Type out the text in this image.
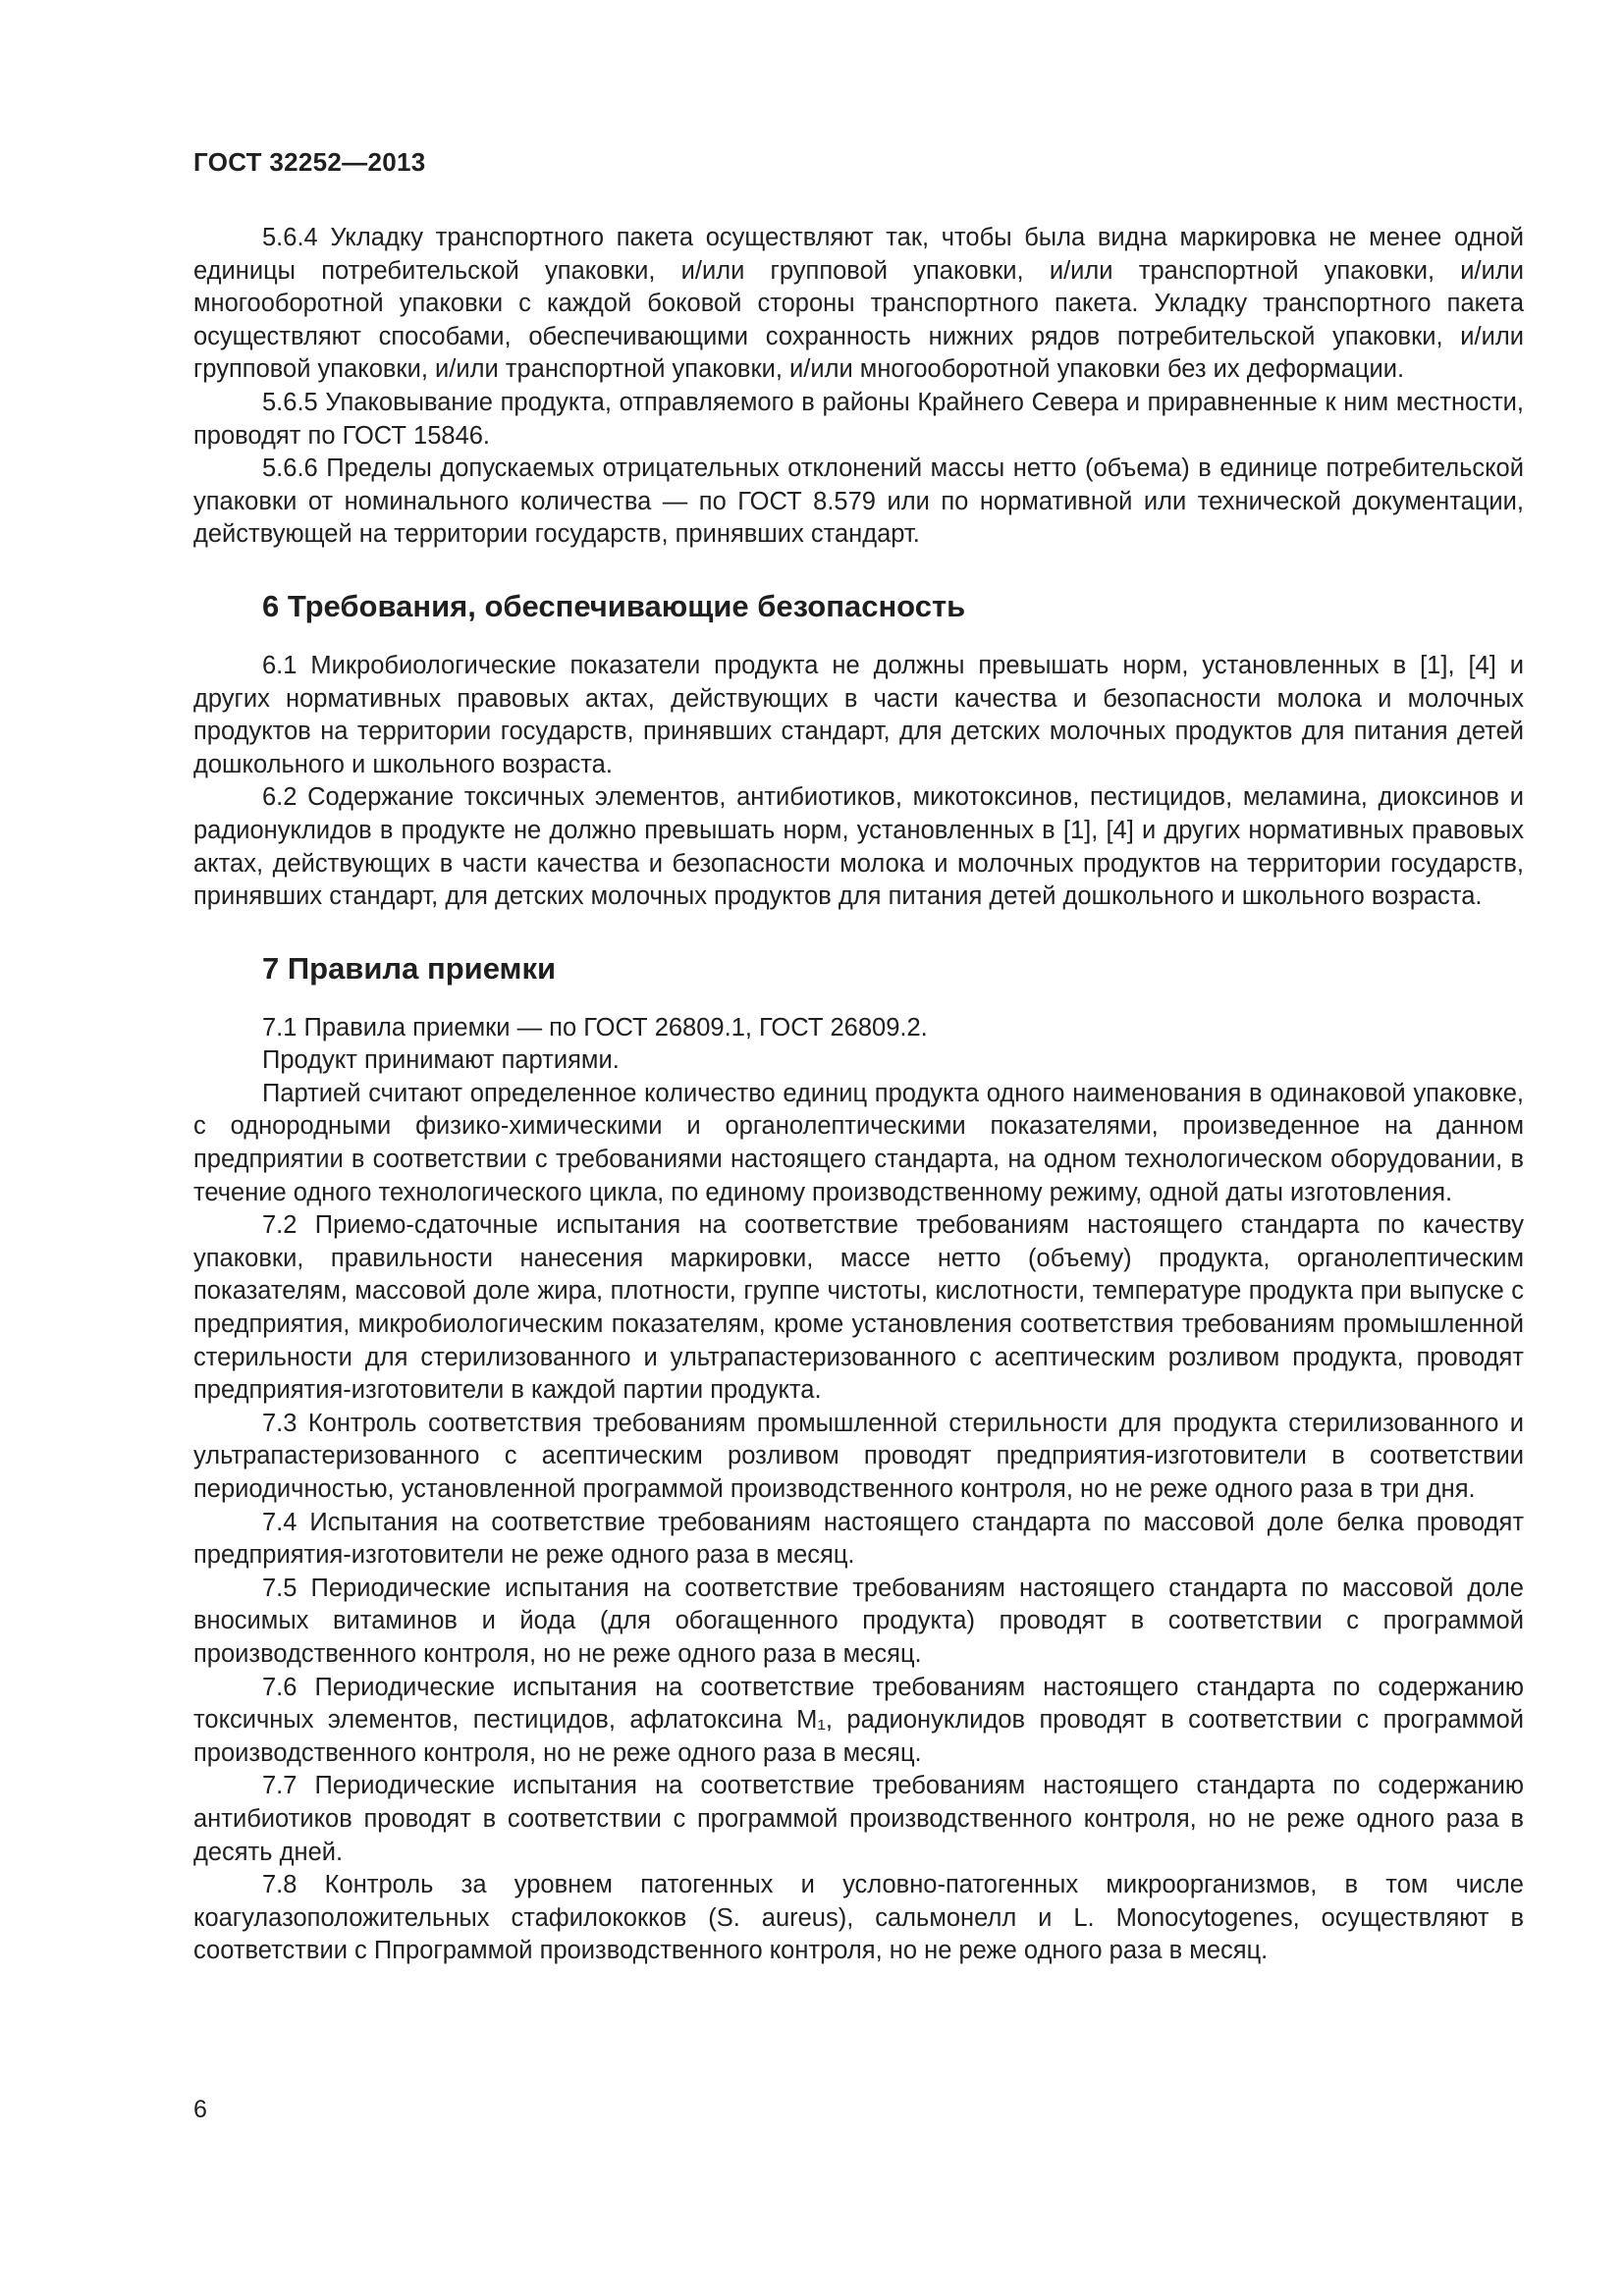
ГОСТ 32252—2013

5.6.4 Укладку транспортного пакета осуществляют так, чтобы была видна маркировка не менее одной единицы потребительской упаковки, и/или групповой упаковки, и/или транспортной упаковки, и/или многооборотной упаковки с каждой боковой стороны транспортного пакета. Укладку транспортного пакета осуществляют способами, обеспечивающими сохранность нижних рядов потребительской упаковки, и/или групповой упаковки, и/или транспортной упаковки, и/или многооборотной упаковки без их деформации.

5.6.5 Упаковывание продукта, отправляемого в районы Крайнего Севера и приравненные к ним местности, проводят по ГОСТ 15846.

5.6.6 Пределы допускаемых отрицательных отклонений массы нетто (объема) в единице потребительской упаковки от номинального количества — по ГОСТ 8.579 или по нормативной или технической документации, действующей на территории государств, принявших стандарт.

6 Требования, обеспечивающие безопасность

6.1 Микробиологические показатели продукта не должны превышать норм, установленных в [1], [4] и других нормативных правовых актах, действующих в части качества и безопасности молока и молочных продуктов на территории государств, принявших стандарт, для детских молочных продуктов для питания детей дошкольного и школьного возраста.

6.2 Содержание токсичных элементов, антибиотиков, микотоксинов, пестицидов, меламина, диоксинов и радионуклидов в продукте не должно превышать норм, установленных в [1], [4] и других нормативных правовых актах, действующих в части качества и безопасности молока и молочных продуктов на территории государств, принявших стандарт, для детских молочных продуктов для питания детей дошкольного и школьного возраста.

7 Правила приемки

7.1 Правила приемки — по ГОСТ 26809.1, ГОСТ 26809.2.

Продукт принимают партиями.

Партией считают определенное количество единиц продукта одного наименования в одинаковой упаковке, с однородными физико-химическими и органолептическими показателями, произведенное на данном предприятии в соответствии с требованиями настоящего стандарта, на одном технологическом оборудовании, в течение одного технологического цикла, по единому производственному режиму, одной даты изготовления.

7.2 Приемо-сдаточные испытания на соответствие требованиям настоящего стандарта по качеству упаковки, правильности нанесения маркировки, массе нетто (объему) продукта, органолептическим показателям, массовой доле жира, плотности, группе чистоты, кислотности, температуре продукта при выпуске с предприятия, микробиологическим показателям, кроме установления соответствия требованиям промышленной стерильности для стерилизованного и ультрапастеризованного с асептическим розливом продукта, проводят предприятия-изготовители в каждой партии продукта.

7.3 Контроль соответствия требованиям промышленной стерильности для продукта стерилизованного и ультрапастеризованного с асептическим розливом проводят предприятия-изготовители в соответствии периодичностью, установленной программой производственного контроля, но не реже одного раза в три дня.

7.4 Испытания на соответствие требованиям настоящего стандарта по массовой доле белка проводят предприятия-изготовители не реже одного раза в месяц.

7.5 Периодические испытания на соответствие требованиям настоящего стандарта по массовой доле вносимых витаминов и йода (для обогащенного продукта) проводят в соответствии с программой производственного контроля, но не реже одного раза в месяц.

7.6 Периодические испытания на соответствие требованиям настоящего стандарта по содержанию токсичных элементов, пестицидов, афлатоксина M₁, радионуклидов проводят в соответствии с программой производственного контроля, но не реже одного раза в месяц.

7.7 Периодические испытания на соответствие требованиям настоящего стандарта по содержанию антибиотиков проводят в соответствии с программой производственного контроля, но не реже одного раза в десять дней.

7.8 Контроль за уровнем патогенных и условно-патогенных микроорганизмов, в том числе коагулазоположительных стафилококков (S. aureus), сальмонелл и L. Monocytogenes, осуществляют в соответствии с Ппрограммой производственного контроля, но не реже одного раза в месяц.

6
